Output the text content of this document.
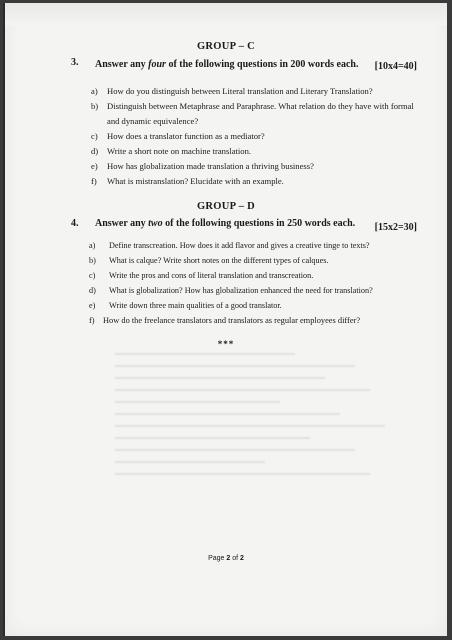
GROUP – C
3. Answer any four of the following questions in 200 words each. [10x4=40]
a) How do you distinguish between Literal translation and Literary Translation?
b) Distinguish between Metaphrase and Paraphrase. What relation do they have with formal
and dynamic equivalence?
c) How does a translator function as a mediator?
d) Write a short note on machine translation.
e) How has globalization made translation a thriving business?
f) What is mistranslation? Elucidate with an example.
GROUP – D
4. Answer any two of the following questions in 250 words each. [15x2=30]
a) Define transcreation. How does it add flavor and gives a creative tinge to texts?
b) What is calque? Write short notes on the different types of calques.
c) Write the pros and cons of literal translation and transcreation.
d) What is globalization? How has globalization enhanced the need for translation?
e) Write down three main qualities of a good translator.
f) How do the freelance translators and translators as regular employees differ?
***
Page 2 of 2
